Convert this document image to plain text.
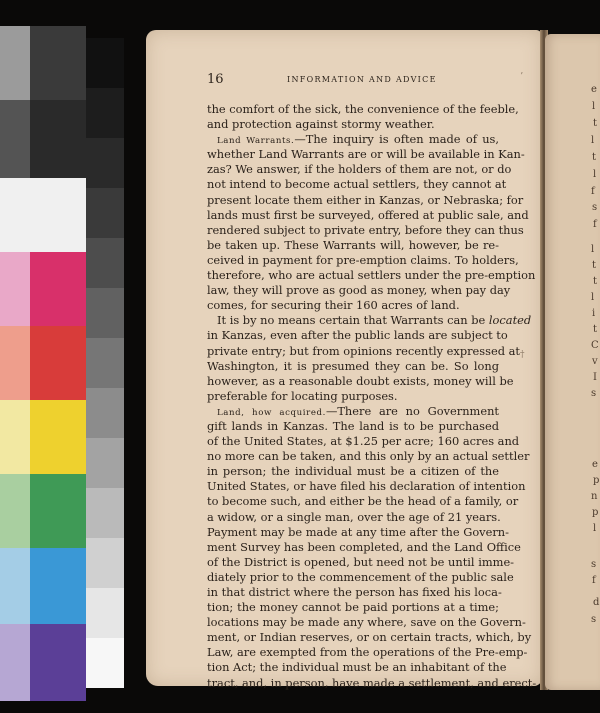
e
l
t
l
t
l
f
s
f
l
t
t
l
i
t
C
v
I
s
e
p
n
p
l
s
f
d
s
16	INFORMATION AND ADVICE
the comfort of the sick, the convenience of the feeble,
and protection against stormy weather.
Land Warrants.—The inquiry is often made of us,
whether Land Warrants are or will be available in Kan-
zas? We answer, if the holders of them are not, or do
not intend to become actual settlers, they cannot at
present locate them either in Kanzas, or Nebraska; for
lands must first be surveyed, offered at public sale, and
rendered subject to private entry, before they can thus
be taken up. These Warrants will, however, be re-
ceived in payment for pre-emption claims. To holders,
therefore, who are actual settlers under the pre-emption
law, they will prove as good as money, when pay day
comes, for securing their 160 acres of land.
It is by no means certain that Warrants can be located
in Kanzas, even after the public lands are subject to
private entry; but from opinions recently expressed at
Washington, it is presumed they can be. So long
however, as a reasonable doubt exists, money will be
preferable for locating purposes.
Land, how acquired.—There are no Government
gift lands in Kanzas. The land is to be purchased
of the United States, at $1.25 per acre; 160 acres and
no more can be taken, and this only by an actual settler
in person; the individual must be a citizen of the
United States, or have filed his declaration of intention
to become such, and either be the head of a family, or
a widow, or a single man, over the age of 21 years.
Payment may be made at any time after the Govern-
ment Survey has been completed, and the Land Office
of the District is opened, but need not be until imme-
diately prior to the commencement of the public sale
in that district where the person has fixed his loca-
tion; the money cannot be paid portions at a time;
locations may be made any where, save on the Govern-
ment, or Indian reserves, or on certain tracts, which, by
Law, are exempted from the operations of the Pre-emp-
tion Act; the individual must be an inhabitant of the
tract, and, in person, have made a settlement, and erect-
ʼ
†
